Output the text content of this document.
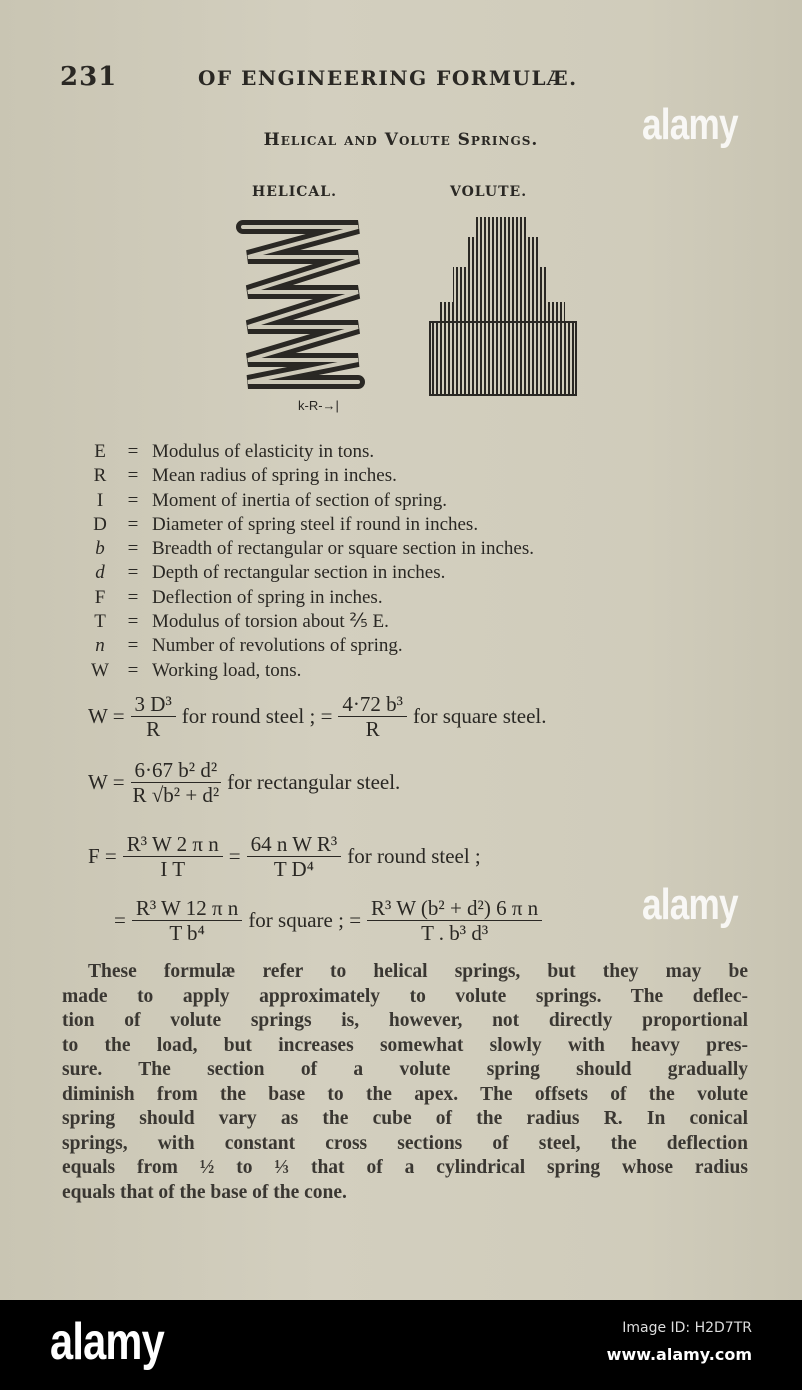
231	OF ENGINEERING FORMULÆ.
Helical and Volute Springs.
HELICAL.	VOLUTE.
k-R-→|
E	= Modulus of elasticity in tons.
R	= Mean radius of spring in inches.
I	= Moment of inertia of section of spring.
D	= Diameter of spring steel if round in inches.
b	= Breadth of rectangular or square section in inches.
d	= Depth of rectangular section in inches.
F	= Deflection of spring in inches.
T	= Modulus of torsion about ⅖ E.
n	= Number of revolutions of spring.
W = Working load, tons.
$W = \frac{\text{3 D³}}{R}$ for round steel ; = $\frac{\text{4·72 b³}}{R}$ for square steel.
$W = \frac{\text{6·67 b² d²}}{\text{R √b² + d²}}$ for rectangular steel.
$F = \frac{\text{R³ W 2 π n}}{\text{I T}} = \frac{\text{64 n W R³}}{\text{T D⁴}}$ for round steel ;
= $\frac{\text{R³ W 12 π n}}{\text{T b⁴}}$ for square ; = $\frac{\text{R³ W (b² + d²) 6 π n}}{\text{T . b³ d³}}$
These formulæ refer to helical springs, but they may be
made to apply approximately to volute springs. The deflec-
tion of volute springs is, however, not directly proportional
to the load, but increases somewhat slowly with heavy pres-
sure. The section of a volute spring should gradually
diminish from the base to the apex. The offsets of the volute
spring should vary as the cube of the radius R. In conical
springs, with constant cross sections of steel, the deflection
equals from ½ to ⅓ that of a cylindrical spring whose radius
equals that of the base of the cone.
alamy
alamy
alamy	Image ID: H2D7TR
www.alamy.com
